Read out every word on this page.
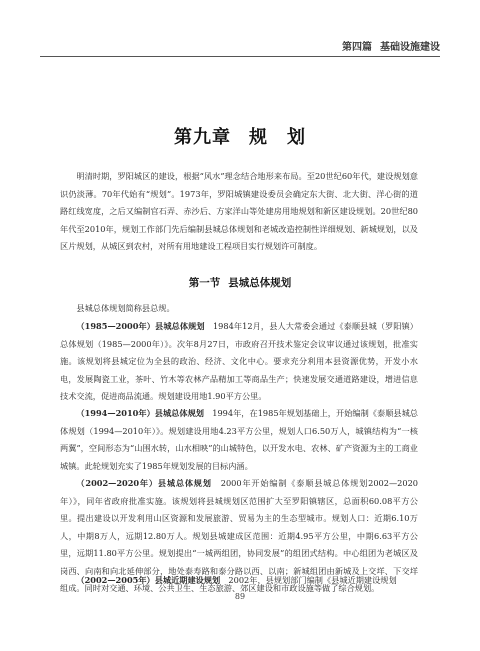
第四篇 基础设施建设
第九章 规　划
明清时期，罗阳城区的建设，根据“风水”理念结合地形来布局。至20世纪60年代，建设规划意识仍淡薄。70年代始有“规划”。1973年，罗阳城镇建设委员会确定东大街、北大街、洋心街的道路红线宽度，之后又编制官石弄、赤沙后、方家洋山等处建房用地规划和新区建设规划。20世纪80年代至2010年，规划工作部门先后编制县城总体规划和老城改造控制性详细规划、新城规划，以及区片规划，从城区到农村，对所有用地建设工程项目实行规划许可制度。
第一节 县城总体规划
县城总体规划简称县总规。
（1985—2000年）县城总体规划　 1984年12月，县人大常委会通过《泰顺县城（罗阳镇）总体规划（1985—2000年）》。次年8月27日，市政府召开技术鉴定会议审议通过该规划，批准实施。该规划将县城定位为全县的政治、经济、文化中心。要求充分利用本县资源优势，开发小水电，发展陶瓷工业，茶叶、竹木等农林产品精加工等商品生产；快速发展交通道路建设，增进信息技术交流，促进商品流通。规划建设用地1.90平方公里。
（1994—2010年）县城总体规划　 1994年，在1985年规划基础上，开始编制《泰顺县城总体规划（1994—2010年）》。规划建设用地4.23平方公里，规划人口6.50万人，城镇结构为“一核两翼”，空间形态为“山围水转，山水相映”的山城特色，以开发水电、农林、矿产资源为主的工商业城镇。此轮规划充实了1985年规划发展的目标内涵。
（2002—2020年）县城总体规划　 2000年开始编制《泰顺县城总体规划2002—2020年）》，同年省政府批准实施。该规划将县城规划区范围扩大至罗阳镇辖区，总面积60.08平方公里。提出建设以开发利用山区资源和发展旅游、贸易为主的生态型城市。规划人口：近期6.10万人，中期8万人，远期12.80万人。规划县城建成区范围：近期4.95平方公里，中期6.63平方公里，远期11.80平方公里。规划提出“一城两组团，协同发展”的组团式结构。中心组团为老城区及岗西、向南和向北延伸部分，地处泰寿路和泰分路以西、以南；新城组团由新城及上交垟、下交垟组成。同时对交通、环境、公共卫生、生态旅游、郊区建设和市政设施等做了综合规划。
（2002—2005年）县城近期建设规划　 2002年，县规划部门编制《县城近期建设规划
89
